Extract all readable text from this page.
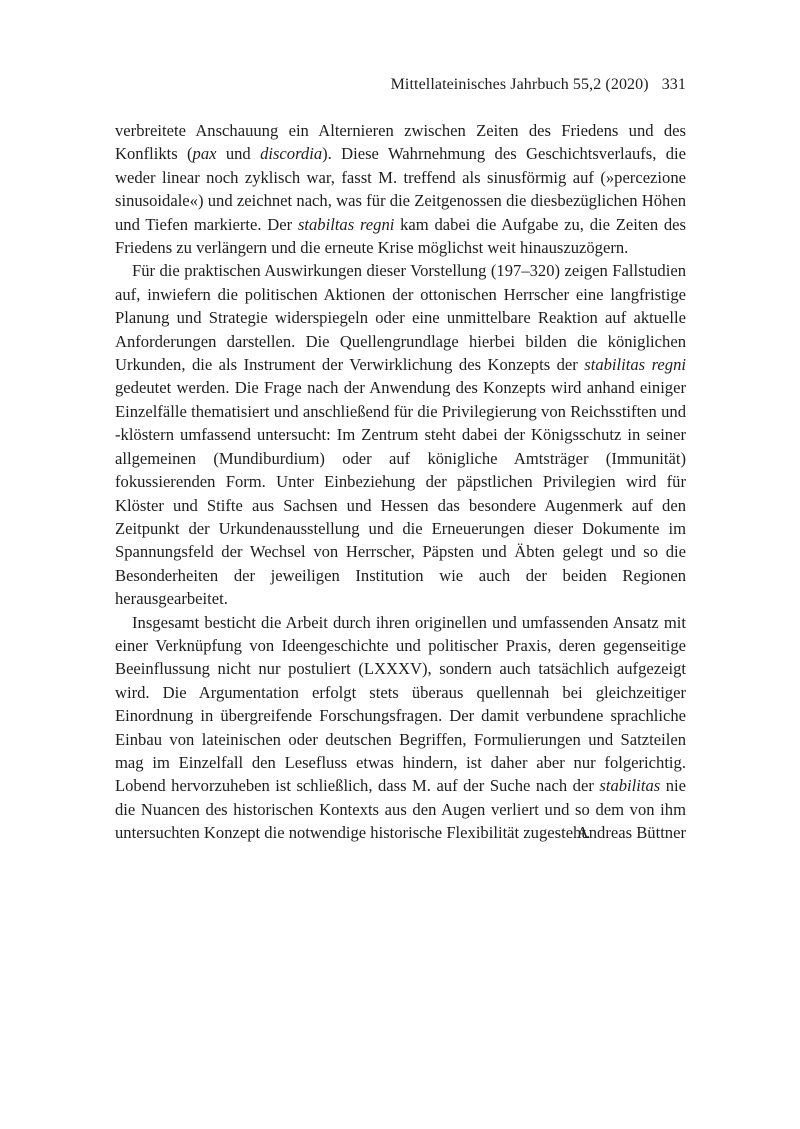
Mittellateinisches Jahrbuch 55,2 (2020) 331

verbreitete Anschauung ein Alternieren zwischen Zeiten des Friedens und des Konflikts (pax und discordia). Diese Wahrnehmung des Geschichtsverlaufs, die weder linear noch zyklisch war, fasst M. treffend als sinusförmig auf (»percezione sinusoidale«) und zeichnet nach, was für die Zeitgenossen die diesbezüglichen Höhen und Tiefen markierte. Der stabiltas regni kam dabei die Aufgabe zu, die Zeiten des Friedens zu verlängern und die erneute Krise möglichst weit hinauszuzögern.

Für die praktischen Auswirkungen dieser Vorstellung (197–320) zeigen Fallstudien auf, inwiefern die politischen Aktionen der ottonischen Herrscher eine langfristige Planung und Strategie widerspiegeln oder eine unmittelbare Reaktion auf aktuelle Anforderungen darstellen. Die Quellengrundlage hierbei bilden die königlichen Urkunden, die als Instrument der Verwirklichung des Konzepts der stabilitas regni gedeutet werden. Die Frage nach der Anwendung des Konzepts wird anhand einiger Einzelfälle thematisiert und anschließend für die Privilegierung von Reichsstiften und -klöstern umfassend untersucht: Im Zentrum steht dabei der Königsschutz in seiner allgemeinen (Mundiburdium) oder auf königliche Amtsträger (Immunität) fokussierenden Form. Unter Einbeziehung der päpstlichen Privilegien wird für Klöster und Stifte aus Sachsen und Hessen das besondere Augenmerk auf den Zeitpunkt der Urkundenausstellung und die Erneuerungen dieser Dokumente im Spannungsfeld der Wechsel von Herrscher, Päpsten und Äbten gelegt und so die Besonderheiten der jeweiligen Institution wie auch der beiden Regionen herausgearbeitet.

Insgesamt besticht die Arbeit durch ihren originellen und umfassenden Ansatz mit einer Verknüpfung von Ideengeschichte und politischer Praxis, deren gegenseitige Beeinflussung nicht nur postuliert (LXXXV), sondern auch tatsächlich aufgezeigt wird. Die Argumentation erfolgt stets überaus quellennah bei gleichzeitiger Einordnung in übergreifende Forschungsfragen. Der damit verbundene sprachliche Einbau von lateinischen oder deutschen Begriffen, Formulierungen und Satzteilen mag im Einzelfall den Lesefluss etwas hindern, ist daher aber nur folgerichtig. Lobend hervorzuheben ist schließlich, dass M. auf der Suche nach der stabilitas nie die Nuancen des historischen Kontexts aus den Augen verliert und so dem von ihm untersuchten Konzept die notwendige historische Flexibilität zugesteht.

Andreas Büttner
